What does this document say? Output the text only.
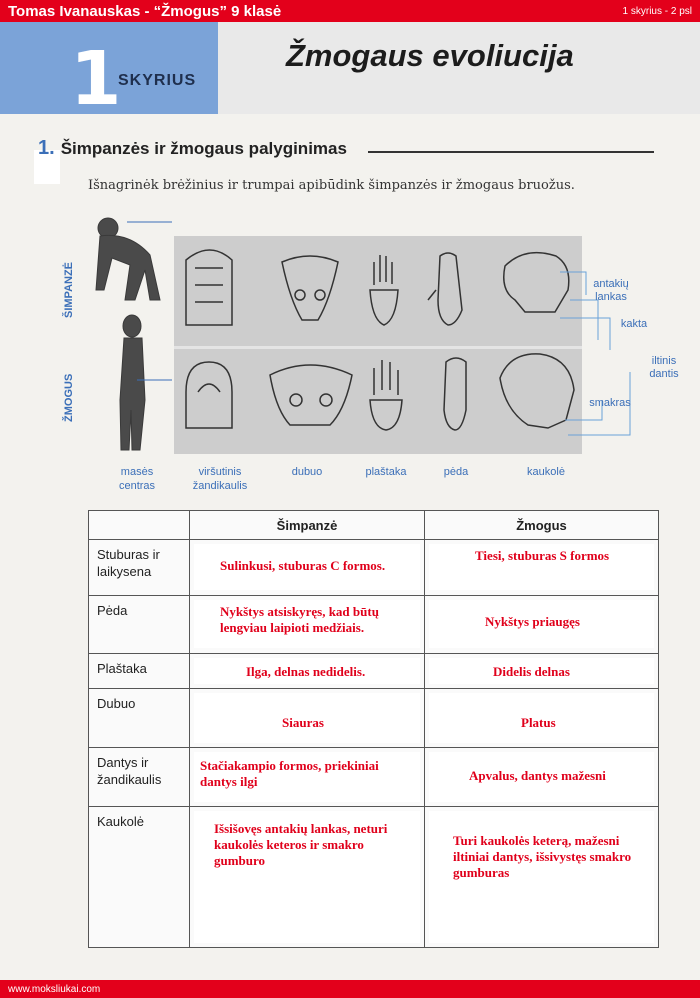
Tomas Ivanauskas - “Žmogus” 9 klasė	1 skyrius - 2 psl
1
SKYRIUS
Žmogaus evoliucija
1. Šimpanzės ir žmogaus palyginimas
Išnagrinėk brėžinius ir trumpai apibūdink šimpanzės ir žmogaus bruožus.
ŠIMPANZĖ
ŽMOGUS
masės centras
viršutinis žandikaulis
dubuo	plaštaka	pėda	kaukolė
antakių lankas
kakta
iltinis dantis
smakras
	Šimpanzė	Žmogus
Stuburas ir laikysena	Sulinkusi, stuburas C formos.	Tiesi, stuburas S formos

Pėda	Nykštys atsiskyręs, kad būtų lengviau laipioti medžiais.	Nykštys priaugęs

Plaštaka	Ilga, delnas nedidelis.	Didelis delnas

Dubuo	Siauras	Platus

Dantys ir žandikaulis	Stačiakampio formos, priekiniai dantys ilgi	Apvalus, dantys mažesni

Kaukolė	Išsišovęs antakių lankas, neturi kaukolės keteros ir smakro gumburo	Turi kaukolės keterą, mažesni iltiniai dantys, išsivystęs smakro gumburas
www.moksliukai.com
